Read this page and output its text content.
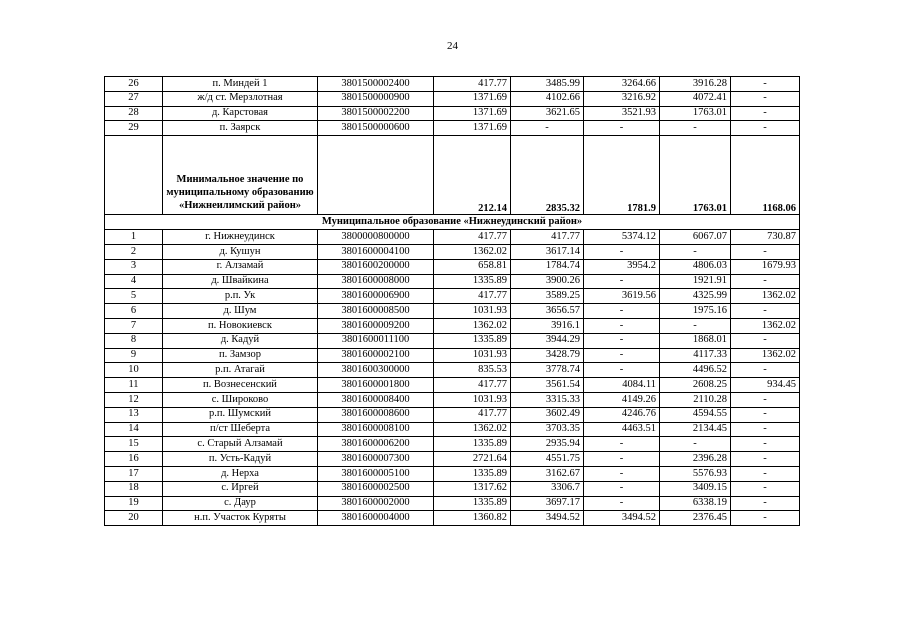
24
26	п. Миндей 1	3801500002400	417.77	3485.99	3264.66	3916.28	-
27	ж/д ст. Мерзлотная	3801500000900	1371.69	4102.66	3216.92	4072.41	-
28	д. Карстовая	3801500002200	1371.69	3621.65	3521.93	1763.01	-
29	п. Заярск	3801500000600	1371.69	-	-	-	-
	Минимальное значение по муниципальному образованию «Нижнеилимский район»		212.14	2835.32	1781.9	1763.01	1168.06
Муниципальное образование «Нижнеудинский район»							
1	г. Нижнеудинск	3800000800000	417.77	417.77	5374.12	6067.07	730.87
2	д. Кушун	3801600004100	1362.02	3617.14	-	-	-
3	г. Алзамай	3801600200000	658.81	1784.74	3954.2	4806.03	1679.93
4	д. Швайкина	3801600008000	1335.89	3900.26	-	1921.91	-
5	р.п. Ук	3801600006900	417.77	3589.25	3619.56	4325.99	1362.02
6	д. Шум	3801600008500	1031.93	3656.57	-	1975.16	-
7	п. Новокиевск	3801600009200	1362.02	3916.1	-	-	1362.02
8	д. Кадуй	3801600011100	1335.89	3944.29	-	1868.01	-
9	п. Замзор	3801600002100	1031.93	3428.79	-	4117.33	1362.02
10	р.п. Атагай	3801600300000	835.53	3778.74	-	4496.52	-
11	п. Вознесенский	3801600001800	417.77	3561.54	4084.11	2608.25	934.45
12	с. Широково	3801600008400	1031.93	3315.33	4149.26	2110.28	-
13	р.п. Шумский	3801600008600	417.77	3602.49	4246.76	4594.55	-
14	п/ст Шеберта	3801600008100	1362.02	3703.35	4463.51	2134.45	-
15	с. Старый Алзамай	3801600006200	1335.89	2935.94	-	-	-
16	п. Усть-Кадуй	3801600007300	2721.64	4551.75	-	2396.28	-
17	д. Нерха	3801600005100	1335.89	3162.67	-	5576.93	-
18	с. Иргей	3801600002500	1317.62	3306.7	-	3409.15	-
19	с. Даур	3801600002000	1335.89	3697.17	-	6338.19	-
20	н.п. Участок Куряты	3801600004000	1360.82	3494.52	3494.52	2376.45	-
